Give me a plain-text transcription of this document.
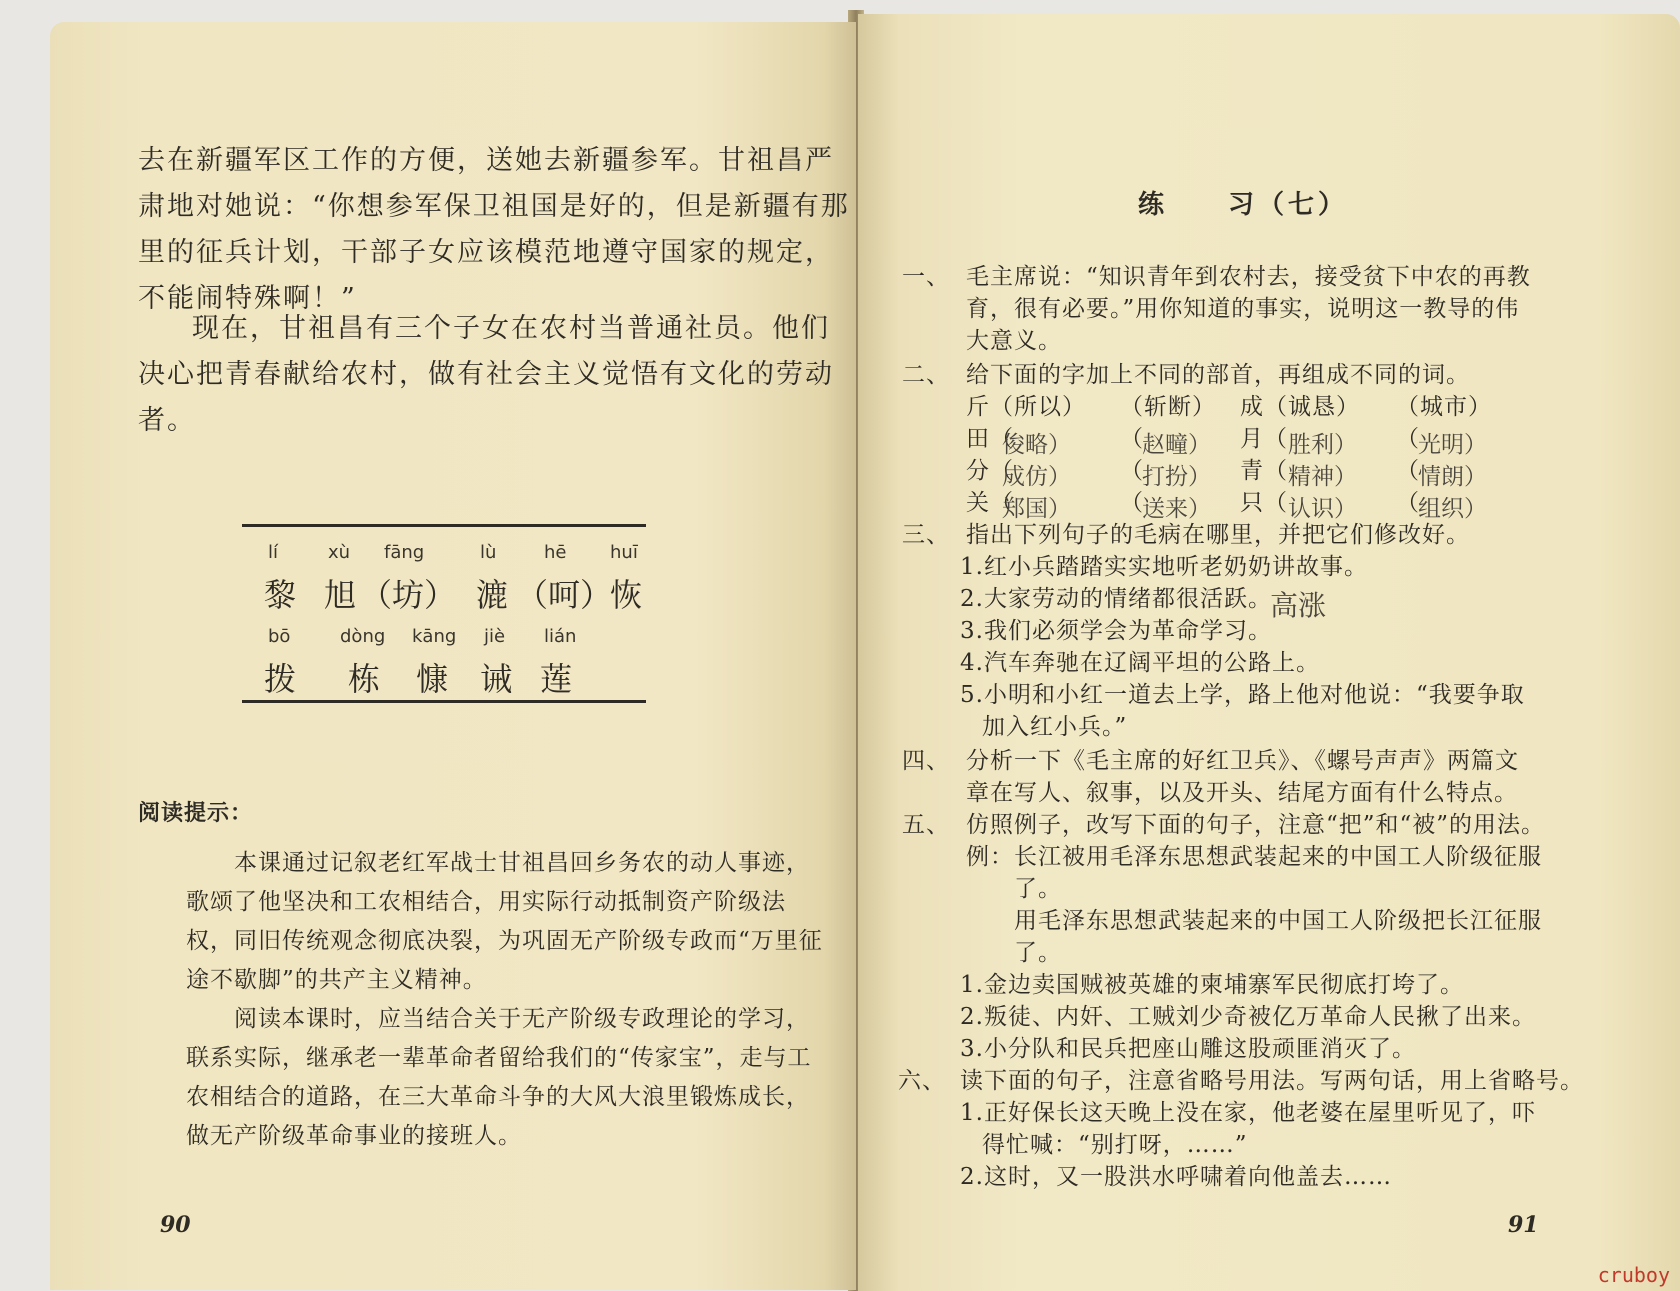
去在新疆军区工作的方便，送她去新疆参军。甘祖昌严肃地对她说：“你想参军保卫祖国是好的，但是新疆有那里的征兵计划，干部子女应该模范地遵守国家的规定，不能闹特殊啊！”
现在，甘祖昌有三个子女在农村当普通社员。他们决心把青春献给农村，做有社会主义觉悟有文化的劳动者。
lí
黎
xù
旭
fāng
（坊）
lù
漉
hē
（呵）
huī
恢
bō
拨
dòng
栋
kāng
慷
jiè
诫
lián
莲
阅读提示：
本课通过记叙老红军战士甘祖昌回乡务农的动人事迹，歌颂了他坚决和工农相结合，用实际行动抵制资产阶级法权，同旧传统观念彻底决裂，为巩固无产阶级专政而“万里征途不歇脚”的共产主义精神。
阅读本课时，应当结合关于无产阶级专政理论的学习，联系实际，继承老一辈革命者留给我们的“传家宝”，走与工农相结合的道路，在三大革命斗争的大风大浪里锻炼成长，做无产阶级革命事业的接班人。
90
练　　习（七）
一、 毛主席说：“知识青年到农村去，接受贫下中农的再教
育，很有必要。”用你知道的事实，说明这一教导的伟
大意义。
二、 给下面的字加上不同的部首，再组成不同的词。
斤（所以） （斩断） 成（诚恳） （城市）
田（
俊略） （
赵疃） 月（ 胜利） （
光明）
分（
成仿） （
打扮） 青（ 精神） （
情朗）
关（
郑国） （
送来） 只（ 认识） （
组织）
三、 指出下列句子的毛病在哪里，并把它们修改好。
1.红小兵踏踏实实地听老奶奶讲故事。
2.大家劳动的情绪都很活跃。
高涨
3.我们必须学会为革命学习。
4.汽车奔驰在辽阔平坦的公路上。
5.小明和小红一道去上学，路上他对他说：“我要争取
加入红小兵。”
四、 分析一下《毛主席的好红卫兵》、《螺号声声》两篇文
章在写人、叙事，以及开头、结尾方面有什么特点。
五、 仿照例子，改写下面的句子，注意“把”和“被”的用法。
例：长江被用毛泽东思想武装起来的中国工人阶级征服
了。
用毛泽东思想武装起来的中国工人阶级把长江征服
了。
1.金边卖国贼被英雄的柬埔寨军民彻底打垮了。
2.叛徒、内奸、工贼刘少奇被亿万革命人民揪了出来。
3.小分队和民兵把座山雕这股顽匪消灭了。
六、 读下面的句子，注意省略号用法。写两句话，用上省略号。
1.正好保长这天晚上没在家，他老婆在屋里听见了，吓
得忙喊：“别打呀，……”
2.这时，又一股洪水呼啸着向他盖去……
91
cruboy
